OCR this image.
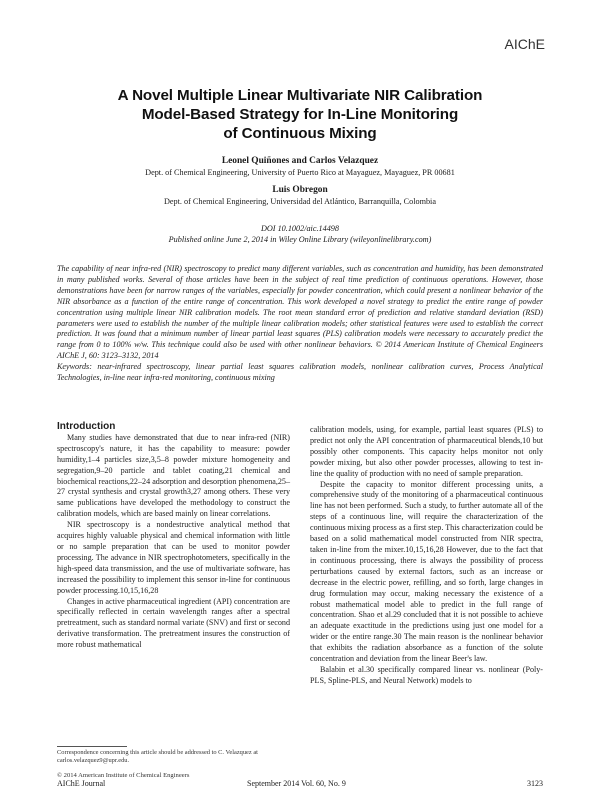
AIChE
A Novel Multiple Linear Multivariate NIR Calibration
Model-Based Strategy for In-Line Monitoring
of Continuous Mixing
Leonel Quiñones and Carlos Velazquez
Dept. of Chemical Engineering, University of Puerto Rico at Mayaguez, Mayaguez, PR 00681
Luis Obregon
Dept. of Chemical Engineering, Universidad del Atlántico, Barranquilla, Colombia
DOI 10.1002/aic.14498
Published online June 2, 2014 in Wiley Online Library (wileyonlinelibrary.com)

The capability of near infra-red (NIR) spectroscopy to predict many different variables, such as concentration and humidity, has been demonstrated in many published works. Several of those articles have been in the subject of real time prediction of continuous operations. However, those demonstrations have been for narrow ranges of the variables, especially for powder concentration, which could present a nonlinear behavior of the NIR absorbance as a function of the entire range of concentration. This work developed a novel strategy to predict the entire range of powder concentration using multiple linear NIR calibration models. The root mean standard error of prediction and relative standard deviation (RSD) parameters were used to establish the number of the multiple linear calibration models; other statistical features were used to establish the correct prediction. It was found that a minimum number of linear partial least squares (PLS) calibration models were necessary to accurately predict the range from 0 to 100% w/w. This technique could also be used with other nonlinear behaviors. © 2014 American Institute of Chemical Engineers AIChE J, 60: 3123–3132, 2014

Keywords: near-infrared spectroscopy, linear partial least squares calibration models, nonlinear calibration curves, Process Analytical Technologies, in-line near infra-red monitoring, continuous mixing

Introduction

Many studies have demonstrated that due to near infra-red (NIR) spectroscopy's nature, it has the capability to measure: powder humidity,1–4 particles size,3,5–8 powder mixture homogeneity and segregation,9–20 particle and tablet coating,21 chemical and biochemical reactions,22–24 adsorption and desorption phenomena,25–27 crystal synthesis and crystal growth3,27 among others. These very same publications have developed the methodology to construct the calibration models, which are based mainly on linear correlations.

NIR spectroscopy is a nondestructive analytical method that acquires highly valuable physical and chemical information with little or no sample preparation that can be used to monitor powder processing. The advance in NIR spectrophotometers, specifically in the high-speed data transmission, and the use of multivariate software, has increased the possibility to implement this sensor in-line for continuous powder processing.10,15,16,28

Changes in active pharmaceutical ingredient (API) concentration are specifically reflected in certain wavelength ranges after a spectral pretreatment, such as standard normal variate (SNV) and first or second derivative transformation. The pretreatment insures the construction of more robust mathematical

calibration models, using, for example, partial least squares (PLS) to predict not only the API concentration of pharmaceutical blends,10 but possibly other components. This capacity helps monitor not only powder mixing, but also other powder processes, allowing to test in-line the quality of production with no need of sample preparation.

Despite the capacity to monitor different processing units, a comprehensive study of the monitoring of a pharmaceutical continuous line has not been performed. Such a study, to further automate all of the steps of a continuous line, will require the characterization of the continuous mixing process as a first step. This characterization could be based on a solid mathematical model constructed from NIR spectra, taken in-line from the mixer.10,15,16,28 However, due to the fact that in continuous processing, there is always the possibility of process perturbations caused by external factors, such as an increase or decrease in the electric power, refilling, and so forth, large changes in drug formulation may occur, making necessary the existence of a robust mathematical model able to predict in the full range of concentration. Shao et al.29 concluded that it is not possible to achieve an adequate exactitude in the predictions using just one model for a wider or the entire range.30 The main reason is the nonlinear behavior that exhibits the radiation absorbance as a function of the solute concentration and deviation from the linear Beer's law.

Balabin et al.30 specifically compared linear vs. nonlinear (Poly-PLS, Spline-PLS, and Neural Network) models to

Correspondence concerning this article should be addressed to C. Velazquez at carlos.velazquez9@upr.edu.
© 2014 American Institute of Chemical Engineers
AIChE Journal	September 2014 Vol. 60, No. 9	3123
